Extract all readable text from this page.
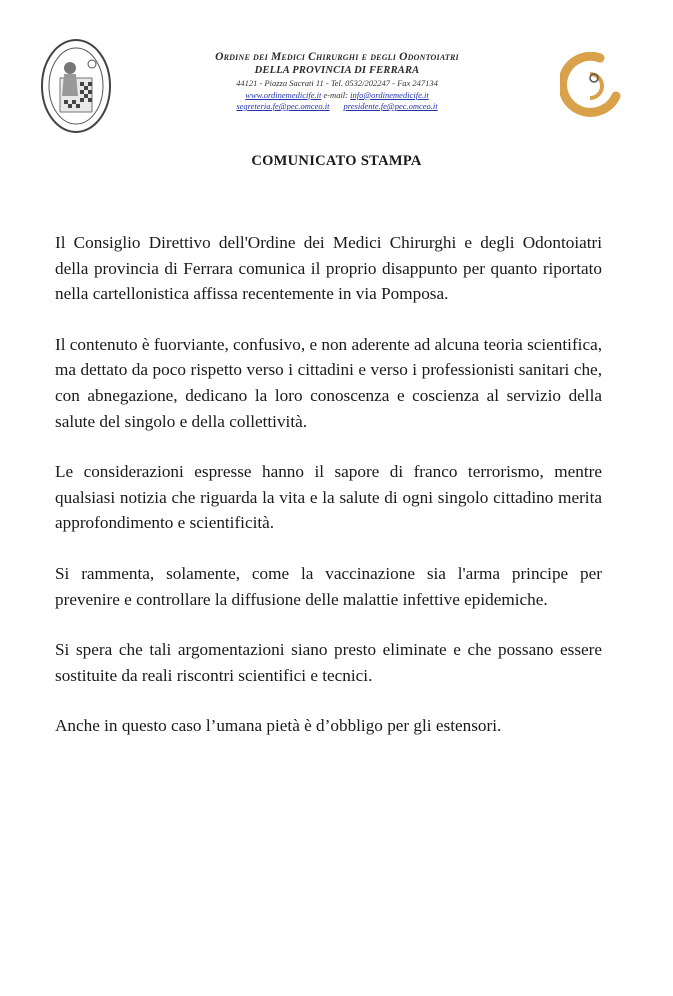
Ordine dei Medici Chirurghi e degli Odontoiatri
DELLA PROVINCIA DI FERRARA
44121 - Piazza Sacrati 11 - Tel. 0532/202247 - Fax 247134
www.ordinemedicife.it e-mail: info@ordinemedicife.it
segreteria.fe@pec.omceo.it presidente.fe@pec.omceo.it
COMUNICATO STAMPA

Il Consiglio Direttivo dell'Ordine dei Medici Chirurghi e degli Odontoiatri della provincia di Ferrara comunica il proprio disappunto per quanto riportato nella cartellonistica affissa recentemente in via Pomposa.

Il contenuto è fuorviante, confusivo, e non aderente ad alcuna teoria scientifica, ma dettato da poco rispetto verso i cittadini e verso i professionisti sanitari che, con abnegazione, dedicano la loro conoscenza e coscienza al servizio della salute del singolo e della collettività.

Le considerazioni espresse hanno il sapore di franco terrorismo, mentre qualsiasi notizia che riguarda la vita e la salute di ogni singolo cittadino merita approfondimento e scientificità.

Si rammenta, solamente, come la vaccinazione sia l'arma principe per prevenire e controllare la diffusione delle malattie infettive epidemiche.

Si spera che tali argomentazioni siano presto eliminate e che possano essere sostituite da reali riscontri scientifici e tecnici.

Anche in questo caso l’umana pietà è d’obbligo per gli estensori.
